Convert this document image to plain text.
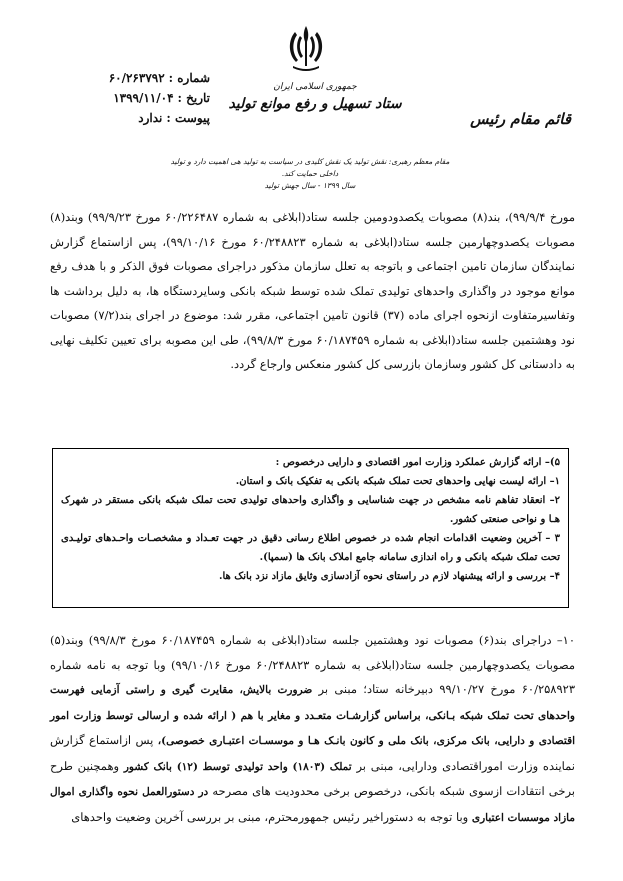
شماره :
۶۰/۲۶۳۷۹۲
تاریخ :
۱۳۹۹/۱۱/۰۴
پیوست :
ندارد
جمهوری اسلامی ایران
ستاد تسهیل و رفع موانع تولید
قائم مقام رئیس
مقام معظم رهبری: نقش تولید یک نقش کلیدی در سیاست به تولید هی اهمیت دارد و تولید داخلی حمایت کند.
سال ۱۳۹۹ - سال جهش تولید
مورخ ۹۹/۹/۴)، بند(۸) مصوبات یکصدودومین جلسه ستاد(ابلاغی به شماره ۶۰/۲۲۶۴۸۷ مورخ ۹۹/۹/۲۳) وبند(۸) مصوبات یکصدوچهارمین جلسه ستاد(ابلاغی به شماره ۶۰/۲۴۸۸۲۳ مورخ ۹۹/۱۰/۱۶)، پس ازاستماع گزارش نمایندگان سازمان تامین اجتماعی و باتوجه به تعلل سازمان مذکور دراجرای مصوبات فوق الذکر و با هدف رفع موانع موجود در واگذاری واحدهای تولیدی تملک شده توسط شبکه بانکی وسایردستگاه ها، به دلیل برداشت ها وتفاسیرمتفاوت ازنحوه اجرای ماده (۳۷) قانون تامین اجتماعی، مقرر شد: موضوع در اجرای بند(۷/۲) مصوبات نود وهشتمین جلسه ستاد(ابلاغی به شماره ۶۰/۱۸۷۴۵۹ مورخ ۹۹/۸/۳)، طی این مصوبه برای تعیین تکلیف نهایی به دادستانی کل کشور وسازمان بازرسی کل کشور منعکس وارجاع گردد.

۵)– ارائه گزارش عملکرد وزارت امور اقتصادی و دارایی درخصوص :

۱– ارائه لیست نهایی واحدهای تحت تملک شبکه بانکی به تفکیک بانک و استان.

۲– انعقاد تفاهم نامه مشخص در جهت شناسایی و واگذاری واحدهای تولیدی تحت تملک شبکه بانکی مستقر در شهرک هـا و نواحی صنعتی کشور.

۳ – آخرین وضعیت اقدامات انجام شده در خصوص اطلاع رسانی دقیق در جهت تعـداد و مشخصـات واحـدهای تولیـدی تحت تملک شبکه بانکی و راه اندازی سامانه جامع املاک بانک ها (سمپا).

۴– بررسی و ارائه پیشنهاد لازم در راستای نحوه آزادسازی وثایق مازاد نزد بانک ها.

۱۰– دراجرای بند(۶) مصوبات نود وهشتمین جلسه ستاد(ابلاغی به شماره ۶۰/۱۸۷۴۵۹ مورخ ۹۹/۸/۳) وبند(۵) مصوبات یکصدوچهارمین جلسه ستاد(ابلاغی به شماره ۶۰/۲۴۸۸۲۳ مورخ ۹۹/۱۰/۱۶) وبا توجه به نامه شماره ۶۰/۲۵۸۹۲۳ مورخ ۹۹/۱۰/۲۷ دبیرخانه ستاد؛ مبنی بر ضرورت بالایش، مقایرت گیری و راستی آزمایی فهرست واحدهای تحت تملک شبکه بـانکی، براساس گزارشـات متعـدد و مغایر با هم ( ارائه شده و ارسالی توسط وزارت امور اقتصادی و دارایی، بانک مرکزی، بانک ملی و کانون بانـک هـا و موسسـات اعتبـاری خصوصی)، پس ازاستماع گزارش نماینده وزارت اموراقتصادی ودارایی، مبنی بر تملک (۱۸۰۳) واحد تولیدی توسط (۱۲) بانک کشور وهمچنین طرح برخی انتقادات ازسوی شبکه بانکی، درخصوص برخی محدودیت های مصرحه در دستورالعمل نحوه واگذاری اموال مازاد موسسات اعتباری وبا توجه به دستوراخیر رئیس جمهورمحترم، مبنی بر بررسی آخرین وضعیت واحدهای
